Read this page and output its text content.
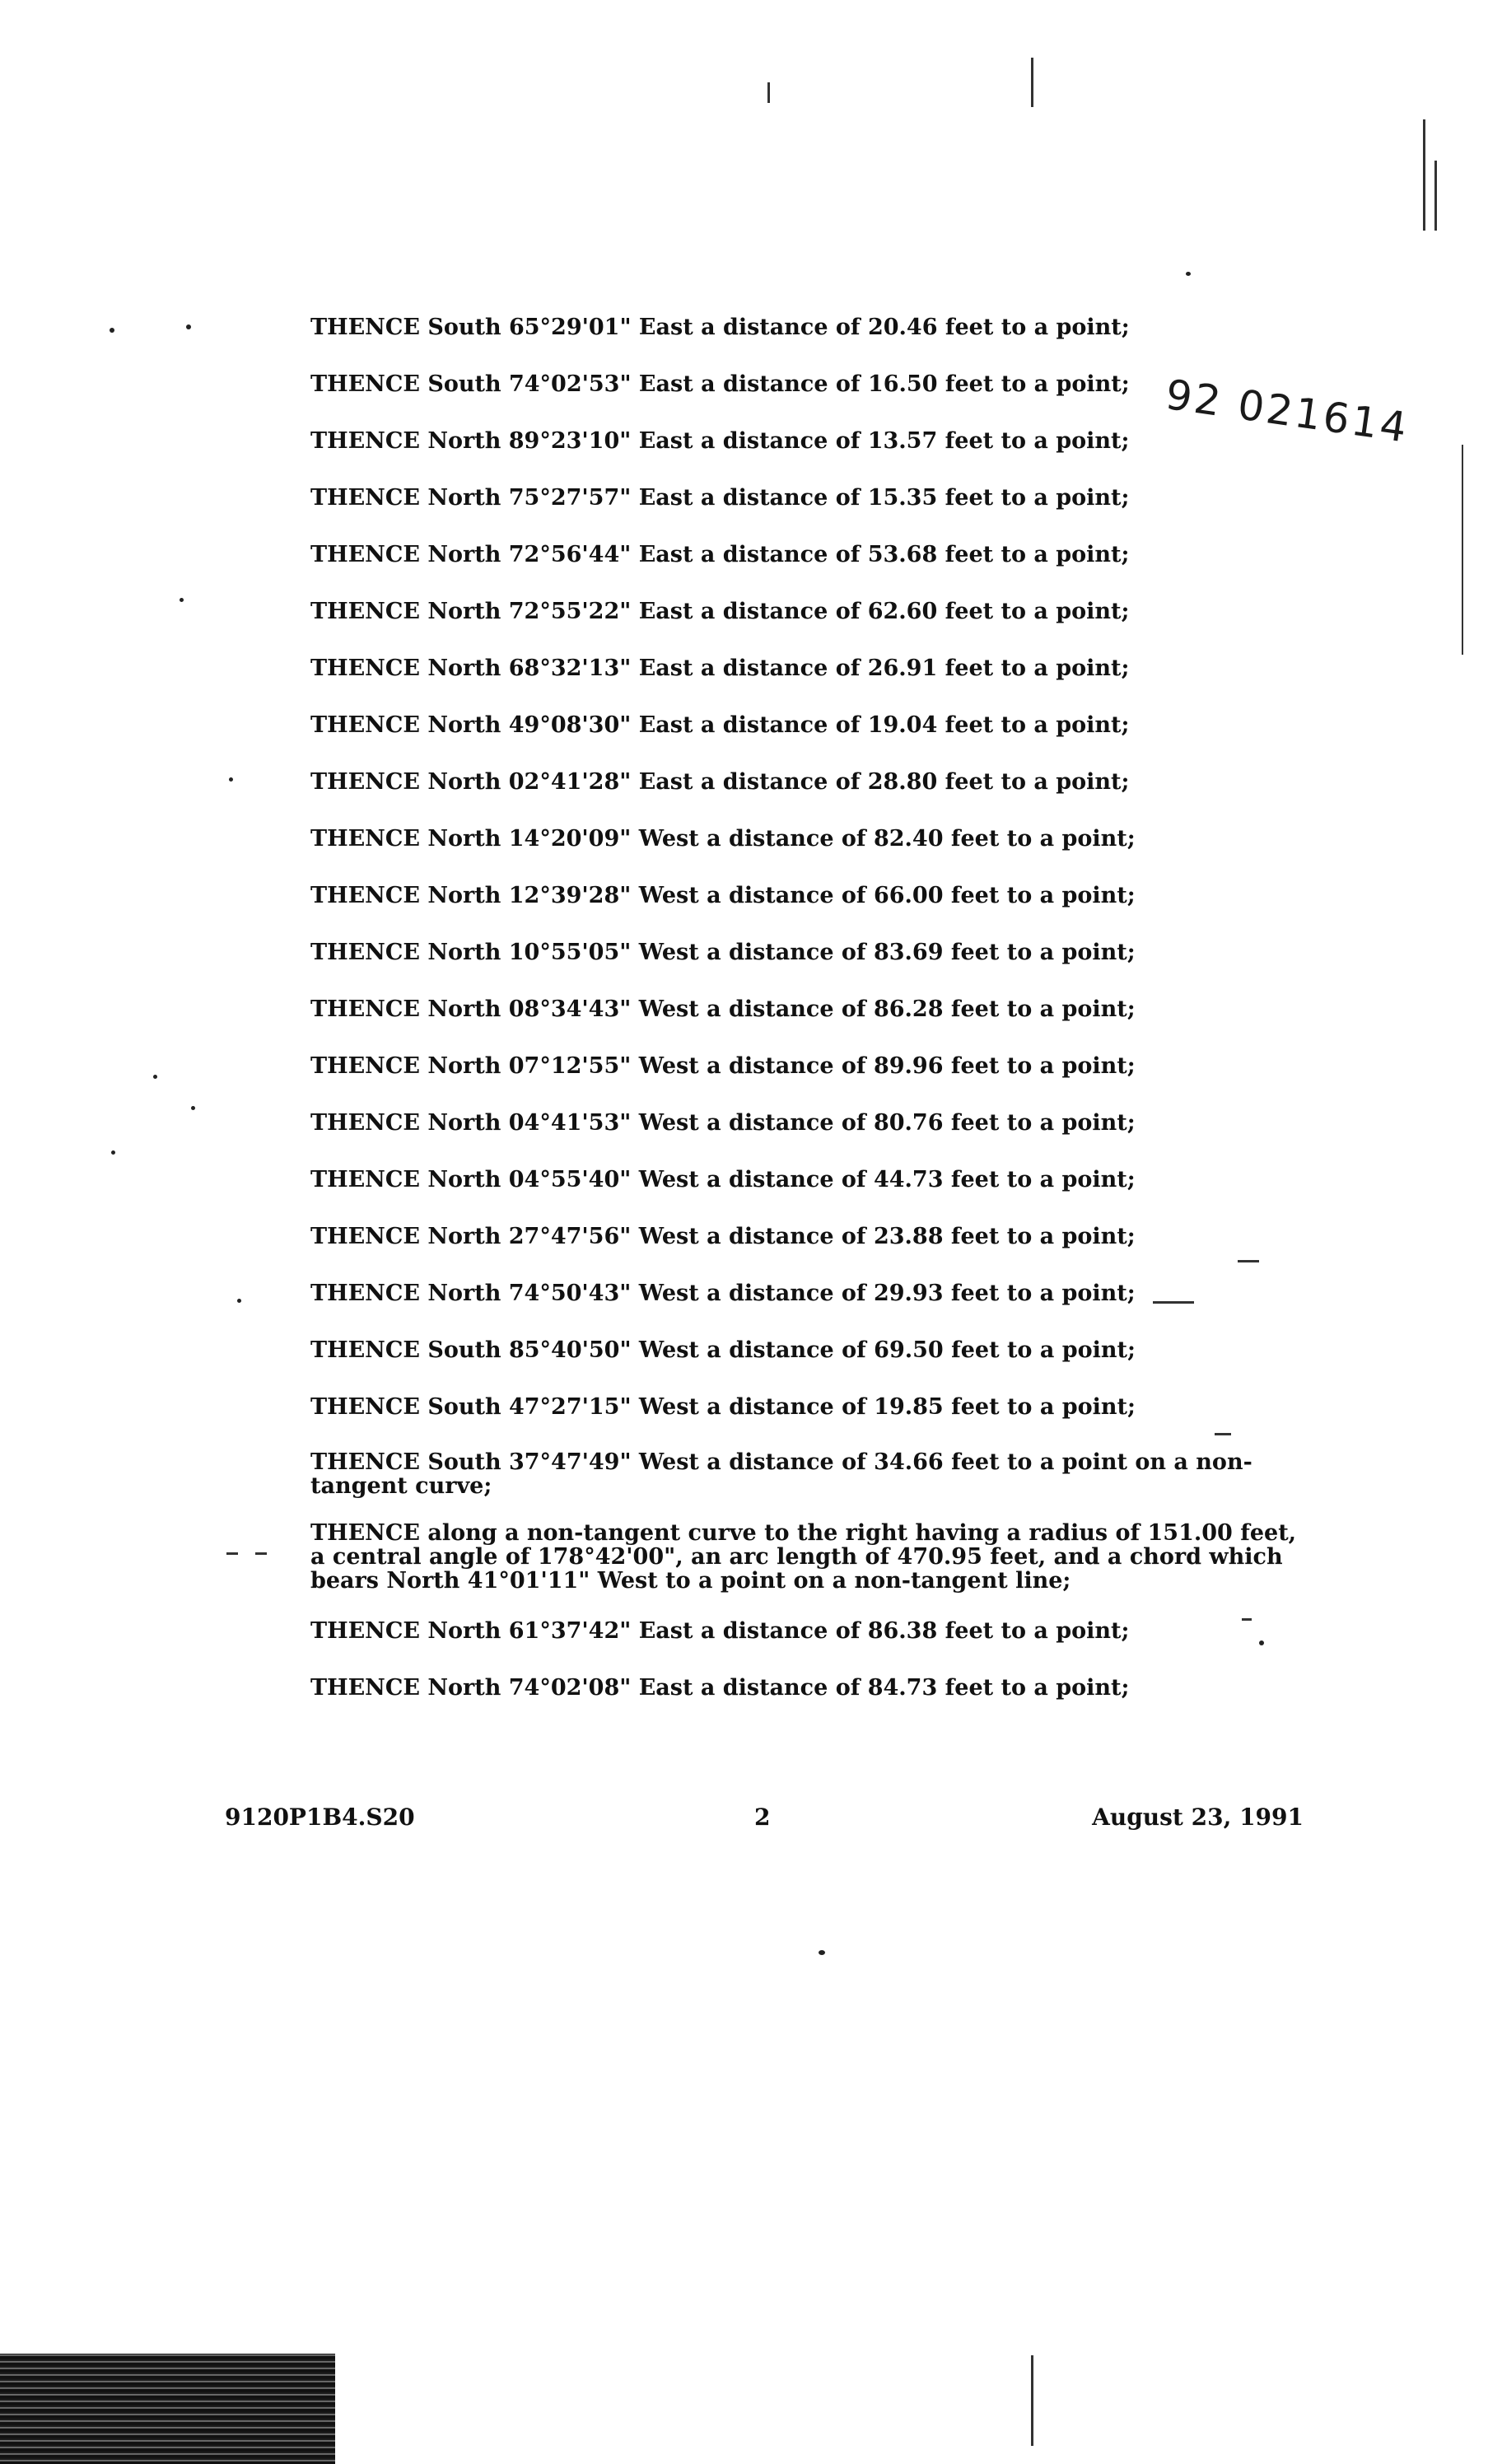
92 021614
THENCE South 65°29'01" East a distance of 20.46 feet to a point;
THENCE South 74°02'53" East a distance of 16.50 feet to a point;
THENCE North 89°23'10" East a distance of 13.57 feet to a point;
THENCE North 75°27'57" East a distance of 15.35 feet to a point;
THENCE North 72°56'44" East a distance of 53.68 feet to a point;
THENCE North 72°55'22" East a distance of 62.60 feet to a point;
THENCE North 68°32'13" East a distance of 26.91 feet to a point;
THENCE North 49°08'30" East a distance of 19.04 feet to a point;
THENCE North 02°41'28" East a distance of 28.80 feet to a point;
THENCE North 14°20'09" West a distance of 82.40 feet to a point;
THENCE North 12°39'28" West a distance of 66.00 feet to a point;
THENCE North 10°55'05" West a distance of 83.69 feet to a point;
THENCE North 08°34'43" West a distance of 86.28 feet to a point;
THENCE North 07°12'55" West a distance of 89.96 feet to a point;
THENCE North 04°41'53" West a distance of 80.76 feet to a point;
THENCE North 04°55'40" West a distance of 44.73 feet to a point;
THENCE North 27°47'56" West a distance of 23.88 feet to a point;
THENCE North 74°50'43" West a distance of 29.93 feet to a point;
THENCE South 85°40'50" West a distance of 69.50 feet to a point;
THENCE South 47°27'15" West a distance of 19.85 feet to a point;
THENCE South 37°47'49" West a distance of 34.66 feet to a point on a non-tangent curve;
THENCE along a non-tangent curve to the right having a radius of 151.00 feet, a central angle of 178°42'00", an arc length of 470.95 feet, and a chord which bears North 41°01'11" West to a point on a non-tangent line;
THENCE North 61°37'42" East a distance of 86.38 feet to a point;
THENCE North 74°02'08" East a distance of 84.73 feet to a point;
9120P1B4.S20	2	August 23, 1991
